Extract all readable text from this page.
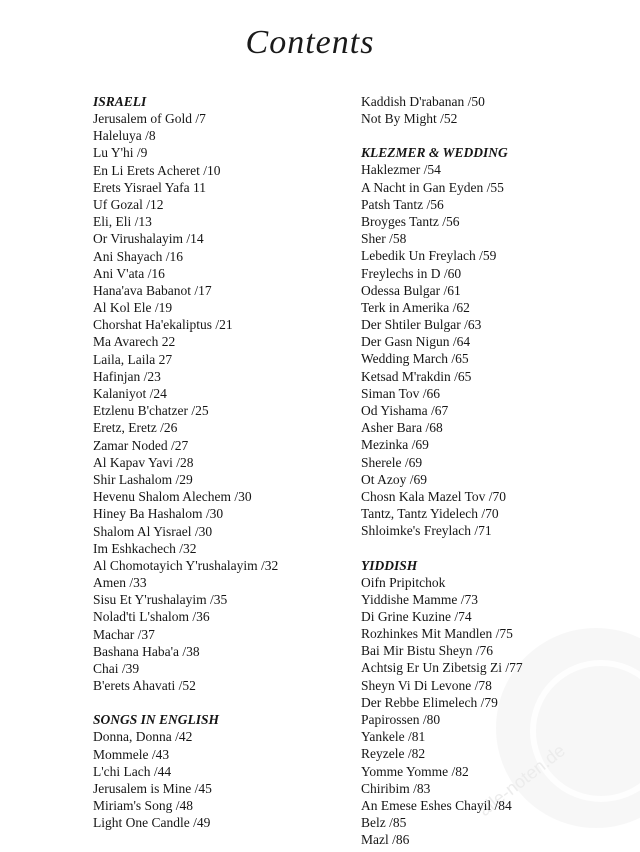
alle-noten.de
Contents
ISRAELI
Jerusalem of Gold /7
Haleluya /8
Lu Y'hi /9
En Li Erets Acheret /10
Erets Yisrael Yafa 11
Uf Gozal /12
Eli, Eli /13
Or Virushalayim /14
Ani Shayach /16
Ani V'ata /16
Hana'ava Babanot /17
Al Kol Ele /19
Chorshat Ha'ekaliptus /21
Ma Avarech 22
Laila, Laila 27
Hafinjan /23
Kalaniyot /24
Etzlenu B'chatzer /25
Eretz, Eretz /26
Zamar Noded /27
Al Kapav Yavi /28
Shir Lashalom /29
Hevenu Shalom Alechem /30
Hiney Ba Hashalom /30
Shalom Al Yisrael /30
Im Eshkachech /32
Al Chomotayich Y'rushalayim /32
Amen /33
Sisu Et Y'rushalayim /35
Nolad'ti L'shalom /36
Machar /37
Bashana Haba'a /38
Chai /39
B'erets Ahavati /52
SONGS IN ENGLISH
Donna, Donna /42
Mommele /43
L'chi Lach /44
Jerusalem is Mine /45
Miriam's Song /48
Light One Candle /49
Kaddish D'rabanan /50
Not By Might /52
KLEZMER & WEDDING
Haklezmer /54
A Nacht in Gan Eyden /55
Patsh Tantz /56
Broyges Tantz /56
Sher /58
Lebedik Un Freylach /59
Freylechs in D /60
Odessa Bulgar /61
Terk in Amerika /62
Der Shtiler Bulgar /63
Der Gasn Nigun /64
Wedding March /65
Ketsad M'rakdin /65
Siman Tov /66
Od Yishama /67
Asher Bara /68
Mezinka /69
Sherele /69
Ot Azoy /69
Chosn Kala Mazel Tov /70
Tantz, Tantz Yidelech /70
Shloimke's Freylach /71
YIDDISH
Oifn Pripitchok
Yiddishe Mamme /73
Di Grine Kuzine /74
Rozhinkes Mit Mandlen /75
Bai Mir Bistu Sheyn /76
Achtsig Er Un Zibetsig Zi /77
Sheyn Vi Di Levone /78
Der Rebbe Elimelech /79
Papirossen /80
Yankele /81
Reyzele /82
Yomme Yomme /82
Chiribim /83
An Emese Eshes Chayil /84
Belz /85
Mazl /86
